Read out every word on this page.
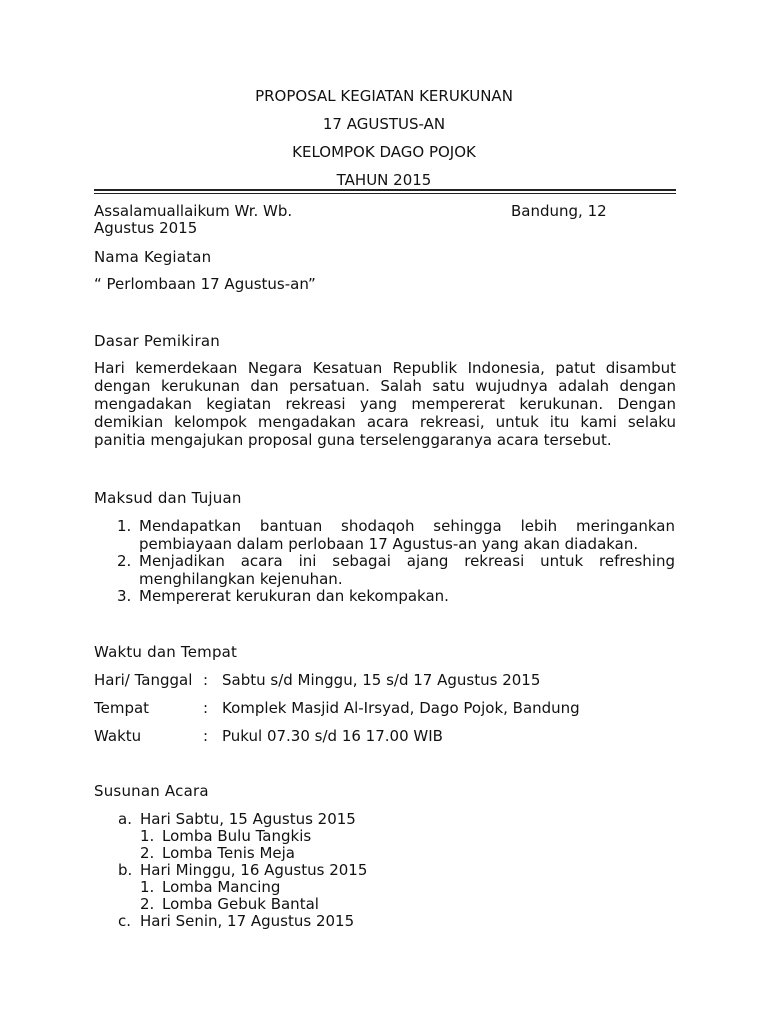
PROPOSAL KEGIATAN KERUKUNAN
17 AGUSTUS-AN
KELOMPOK DAGO POJOK
TAHUN 2015
Assalamuallaikum Wr. Wb.	Bandung, 12
Agustus 2015
Nama Kegiatan
“ Perlombaan 17 Agustus-an”
Dasar Pemikiran
Hari kemerdekaan Negara Kesatuan Republik Indonesia, patut disambut
dengan kerukunan dan persatuan. Salah satu wujudnya adalah dengan
mengadakan kegiatan rekreasi yang mempererat kerukunan. Dengan
demikian kelompok mengadakan acara rekreasi, untuk itu kami selaku
panitia mengajukan proposal guna terselenggaranya acara tersebut.
Maksud dan Tujuan
1. Mendapatkan bantuan shodaqoh sehingga lebih meringankan
pembiayaan dalam perlobaan 17 Agustus-an yang akan diadakan.
2. Menjadikan acara ini sebagai ajang rekreasi untuk refreshing
menghilangkan kejenuhan.
3. Mempererat kerukuran dan kekompakan.
Waktu dan Tempat
Hari/ Tanggal : Sabtu s/d Minggu, 15 s/d 17 Agustus 2015
Tempat	: Komplek Masjid Al-Irsyad, Dago Pojok, Bandung
Waktu	: Pukul 07.30 s/d 16 17.00 WIB
Susunan Acara
a. Hari Sabtu, 15 Agustus 2015
1. Lomba Bulu Tangkis
2. Lomba Tenis Meja
b. Hari Minggu, 16 Agustus 2015
1. Lomba Mancing
2. Lomba Gebuk Bantal
c. Hari Senin, 17 Agustus 2015
